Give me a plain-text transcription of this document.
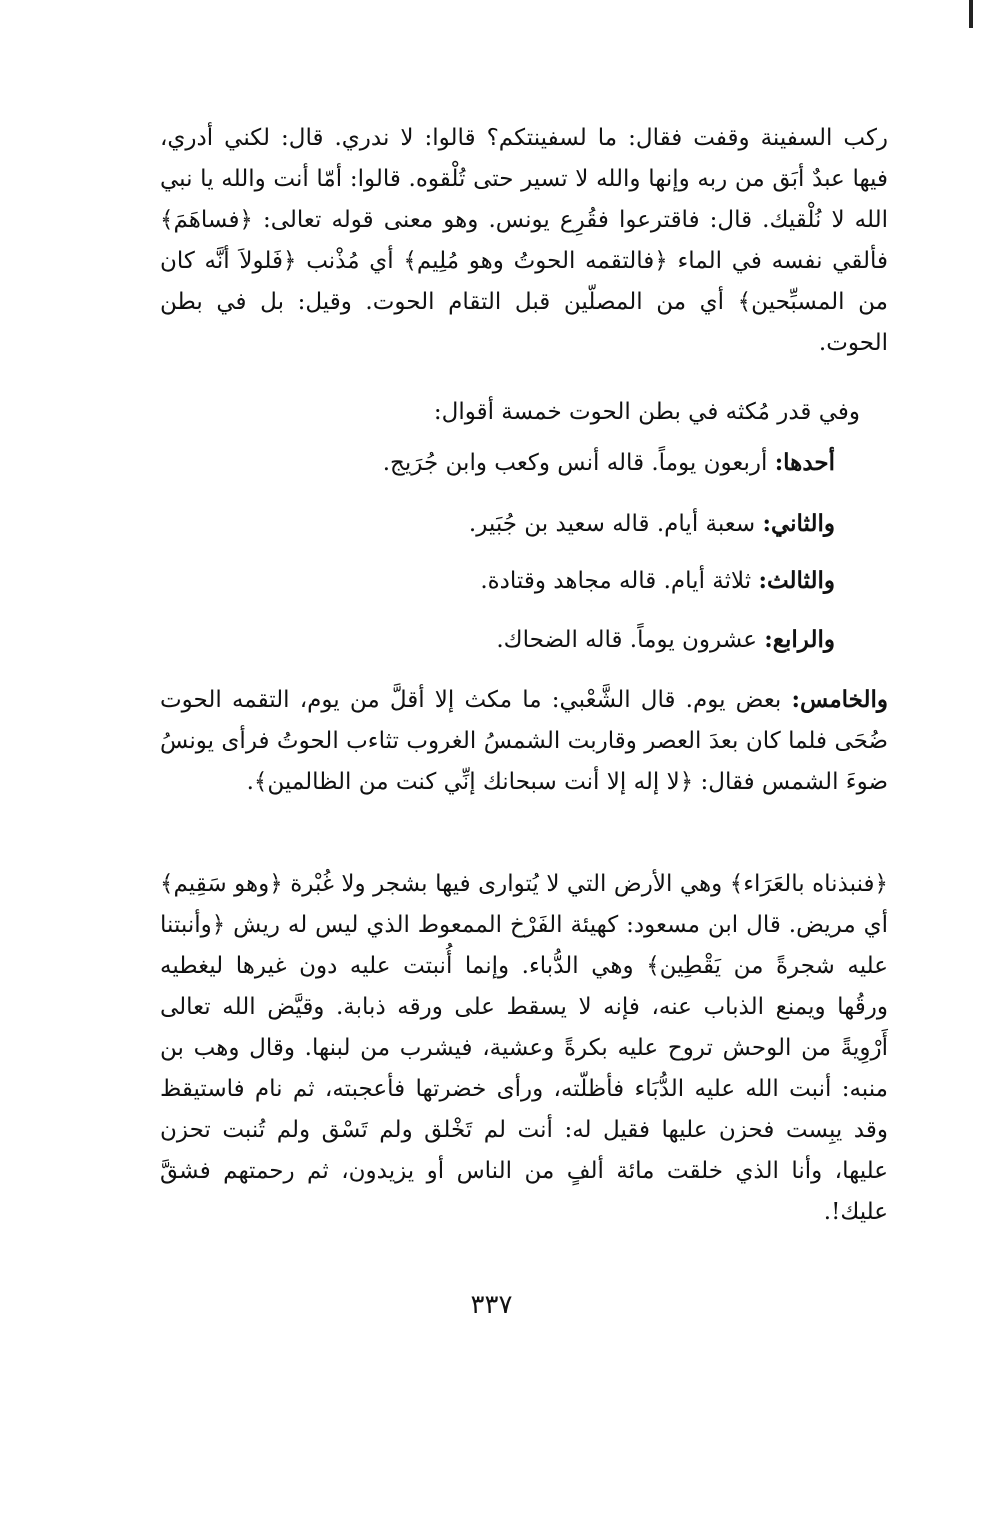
ركب السفينة وقفت فقال: ما لسفينتكم؟ قالوا: لا ندري. قال: لكني أدري، فيها عبدٌ أبَق من ربه وإنها والله لا تسير حتى تُلْقوه. قالوا: أمّا أنت والله يا نبي الله لا نُلْقيك. قال: فاقترعوا فقُرِع يونس. وهو معنى قوله تعالى: ﴿فساهَمَ﴾ فألقي نفسه في الماء ﴿فالتقمه الحوتُ وهو مُلِيم﴾ أي مُذْنب ﴿فَلولاَ أنَّه كان من المسبِّحين﴾ أي من المصلّين قبل التقام الحوت. وقيل: بل في بطن الحوت.

وفي قدر مُكثه في بطن الحوت خمسة أقوال:

أحدها: أربعون يوماً. قاله أنس وكعب وابن جُرَيج.
والثاني: سعبة أيام. قاله سعيد بن جُبَير.
والثالث: ثلاثة أيام. قاله مجاهد وقتادة.
والرابع: عشرون يوماً. قاله الضحاك.

والخامس: بعض يوم. قال الشَّعْبي: ما مكث إلا أقلَّ من يوم، التقمه الحوت ضُحَى فلما كان بعدَ العصر وقاربت الشمسُ الغروب تثاءب الحوتُ فرأى يونسُ ضوءَ الشمس فقال: ﴿لا إله إلا أنت سبحانك إنِّي كنت من الظالمين﴾.

﴿فنبذناه بالعَرَاء﴾ وهي الأرض التي لا يُتوارى فيها بشجر ولا غُبْرة ﴿وهو سَقِيم﴾ أي مريض. قال ابن مسعود: كهيئة الفَرْخ الممعوط الذي ليس له ريش ﴿وأنبتنا عليه شجرةً من يَقْطِين﴾ وهي الدُّباء. وإنما أُنبتت عليه دون غيرها ليغطيه ورقُها ويمنع الذباب عنه، فإنه لا يسقط على ورقه ذبابة. وقيَّض الله تعالى أَرْوِيةً من الوحش تروح عليه بكرةً وعشية، فيشرب من لبنها. وقال وهب بن منبه: أنبت الله عليه الدُّبَاء فأظلّته، ورأى خضرتها فأعجبته، ثم نام فاستيقظ وقد يبِست فحزن عليها فقيل له: أنت لم تَخْلق ولم تَسْق ولم تُنبت تحزن عليها، وأنا الذي خلقت مائة ألفٍ من الناس أو يزيدون، ثم رحمتهم فشقَّ عليك!.

٣٣٧
